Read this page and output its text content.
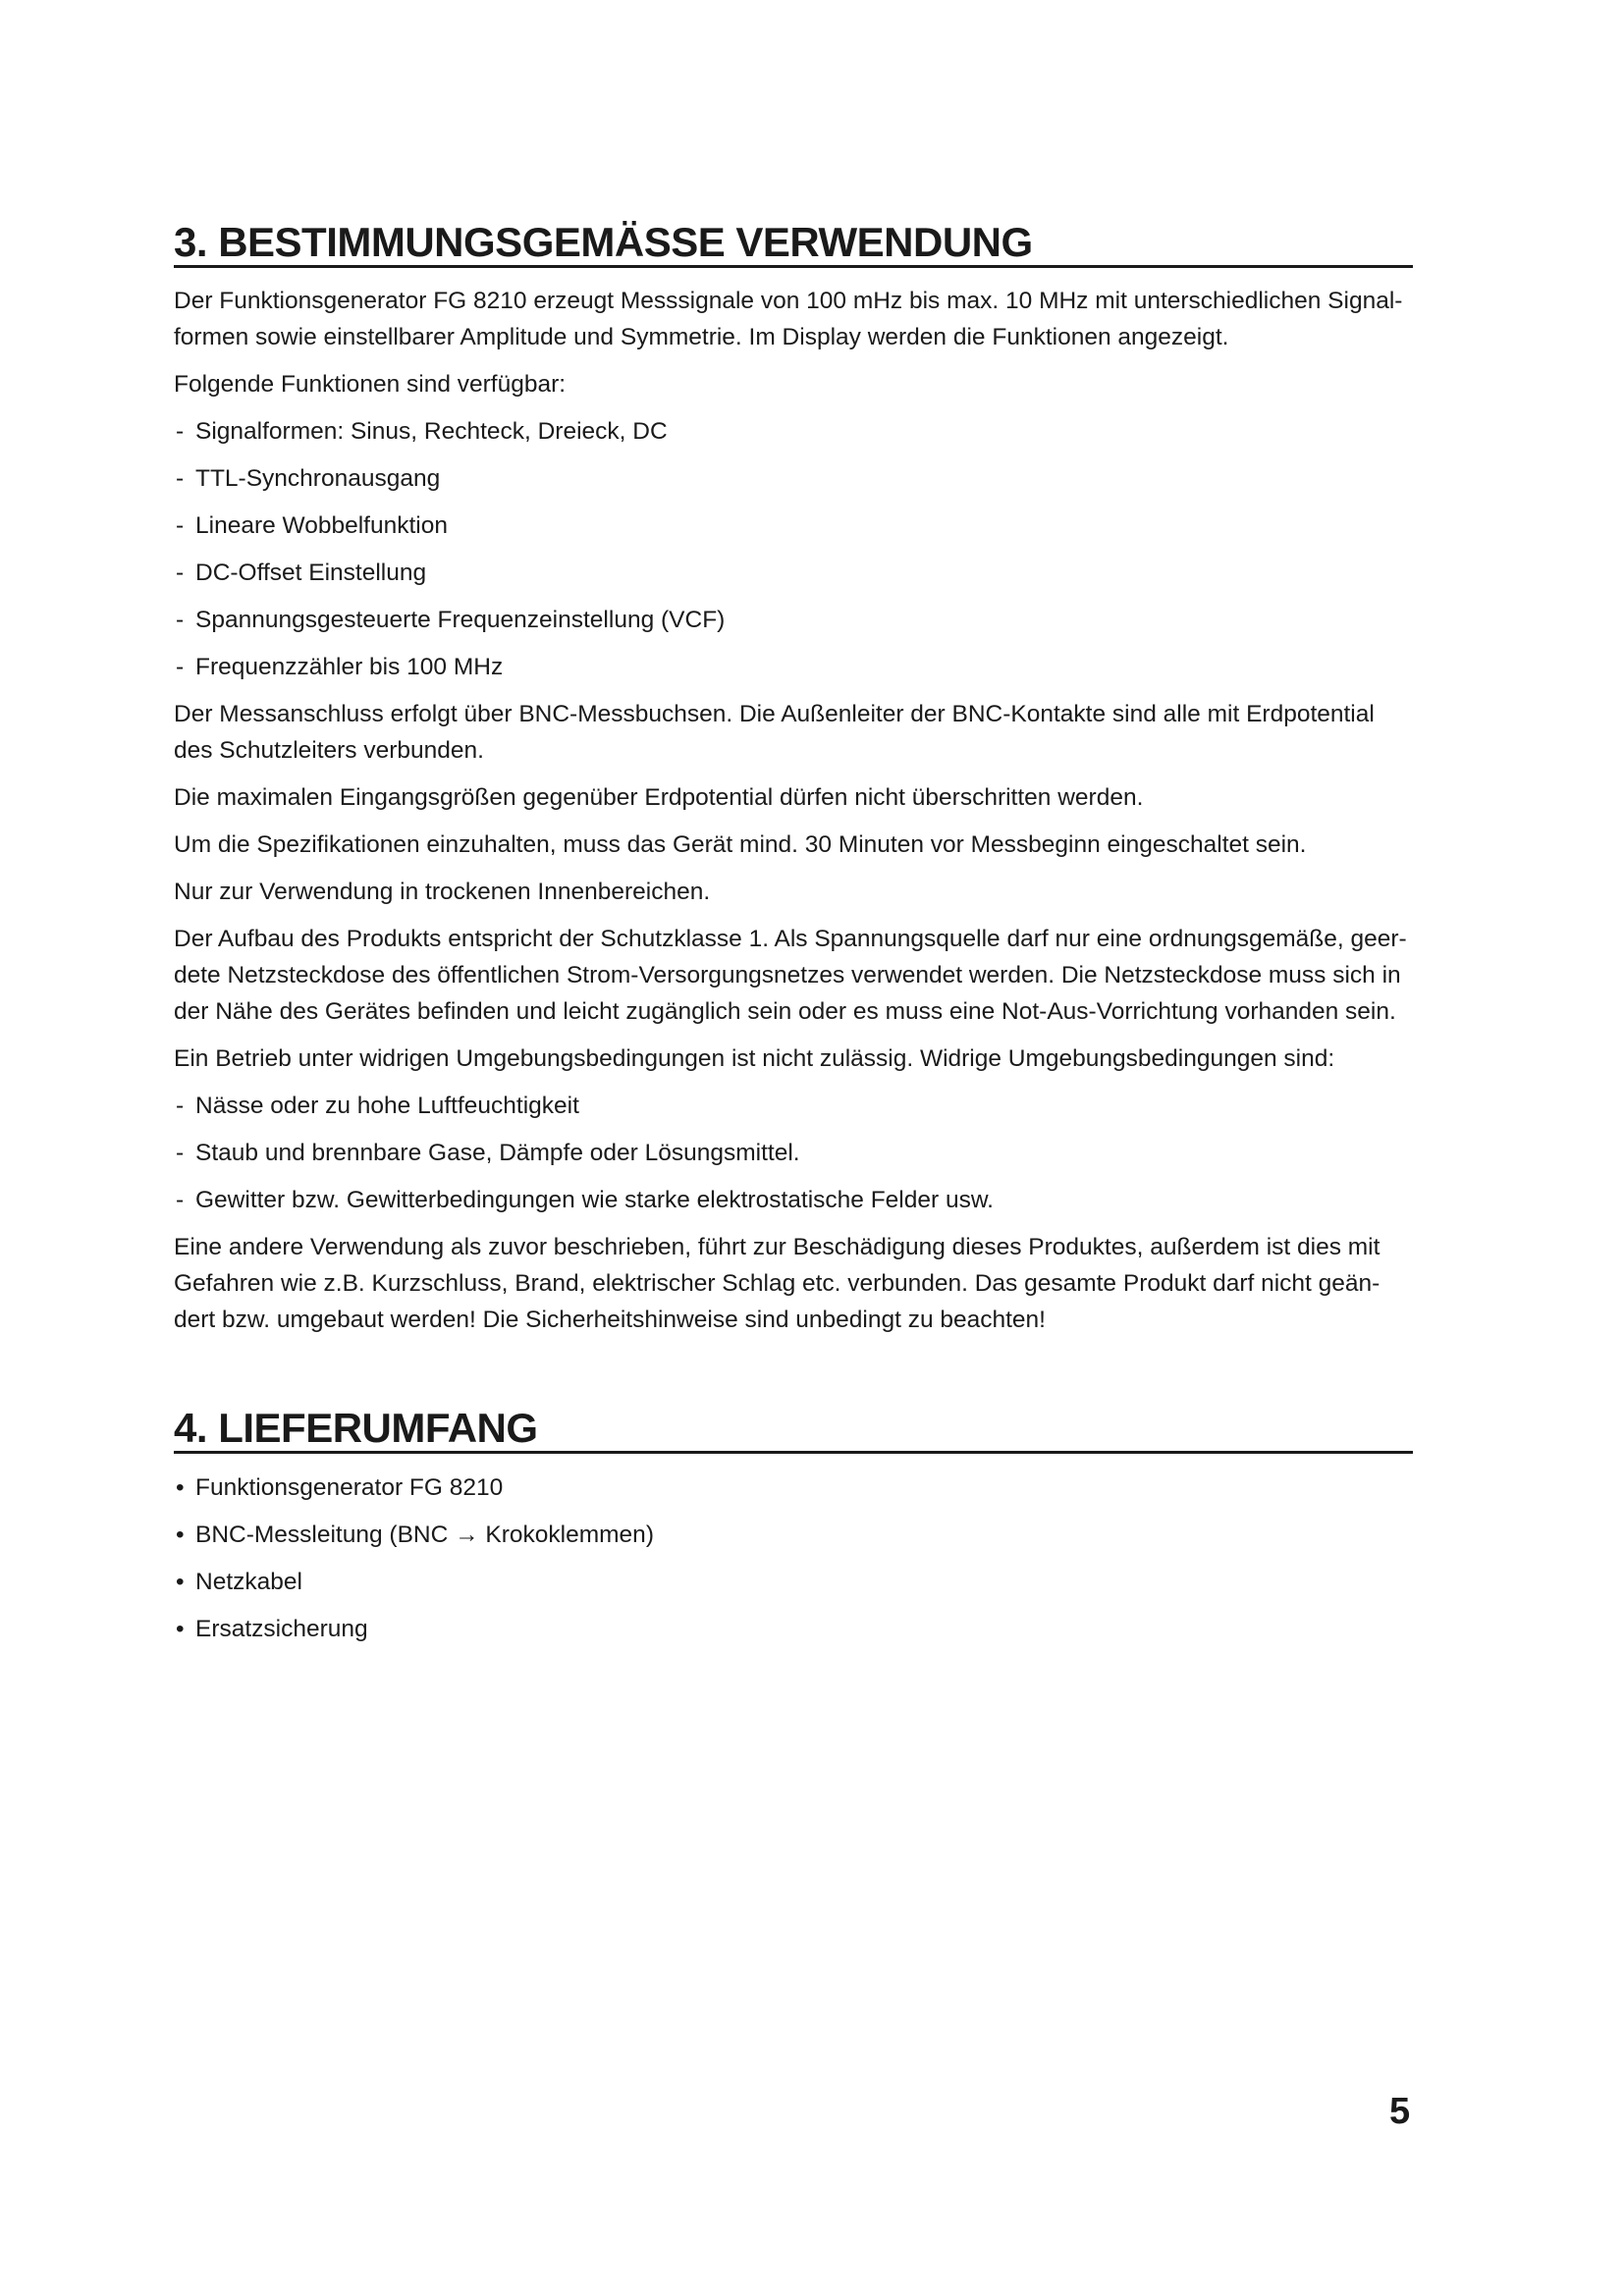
3. BESTIMMUNGSGEMÄSSE VERWENDUNG

Der Funktionsgenerator FG 8210 erzeugt Messsignale von 100 mHz bis max. 10 MHz mit unterschiedlichen Signal-
formen sowie einstellbarer Amplitude und Symmetrie. Im Display werden die Funktionen angezeigt.

Folgende Funktionen sind verfügbar:

- Signalformen: Sinus, Rechteck, Dreieck, DC
- TTL-Synchronausgang
- Lineare Wobbelfunktion
- DC-Offset Einstellung
- Spannungsgesteuerte Frequenzeinstellung (VCF)
- Frequenzzähler bis 100 MHz

Der Messanschluss erfolgt über BNC-Messbuchsen. Die Außenleiter der BNC-Kontakte sind alle mit Erdpotential
des Schutzleiters verbunden.

Die maximalen Eingangsgrößen gegenüber Erdpotential dürfen nicht überschritten werden.

Um die Spezifikationen einzuhalten, muss das Gerät mind. 30 Minuten vor Messbeginn eingeschaltet sein.

Nur zur Verwendung in trockenen Innenbereichen.

Der Aufbau des Produkts entspricht der Schutzklasse 1. Als Spannungsquelle darf nur eine ordnungsgemäße, geer-
dete Netzsteckdose des öffentlichen Strom-Versorgungsnetzes verwendet werden. Die Netzsteckdose muss sich in
der Nähe des Gerätes befinden und leicht zugänglich sein oder es muss eine Not-Aus-Vorrichtung vorhanden sein.

Ein Betrieb unter widrigen Umgebungsbedingungen ist nicht zulässig. Widrige Umgebungsbedingungen sind:

- Nässe oder zu hohe Luftfeuchtigkeit
- Staub und brennbare Gase, Dämpfe oder Lösungsmittel.
- Gewitter bzw. Gewitterbedingungen wie starke elektrostatische Felder usw.

Eine andere Verwendung als zuvor beschrieben, führt zur Beschädigung dieses Produktes, außerdem ist dies mit
Gefahren wie z.B. Kurzschluss, Brand, elektrischer Schlag etc. verbunden. Das gesamte Produkt darf nicht geän-
dert bzw. umgebaut werden! Die Sicherheitshinweise sind unbedingt zu beachten!

4. LIEFERUMFANG
• Funktionsgenerator FG 8210
• BNC-Messleitung (BNC → Krokoklemmen)
• Netzkabel
• Ersatzsicherung
5
